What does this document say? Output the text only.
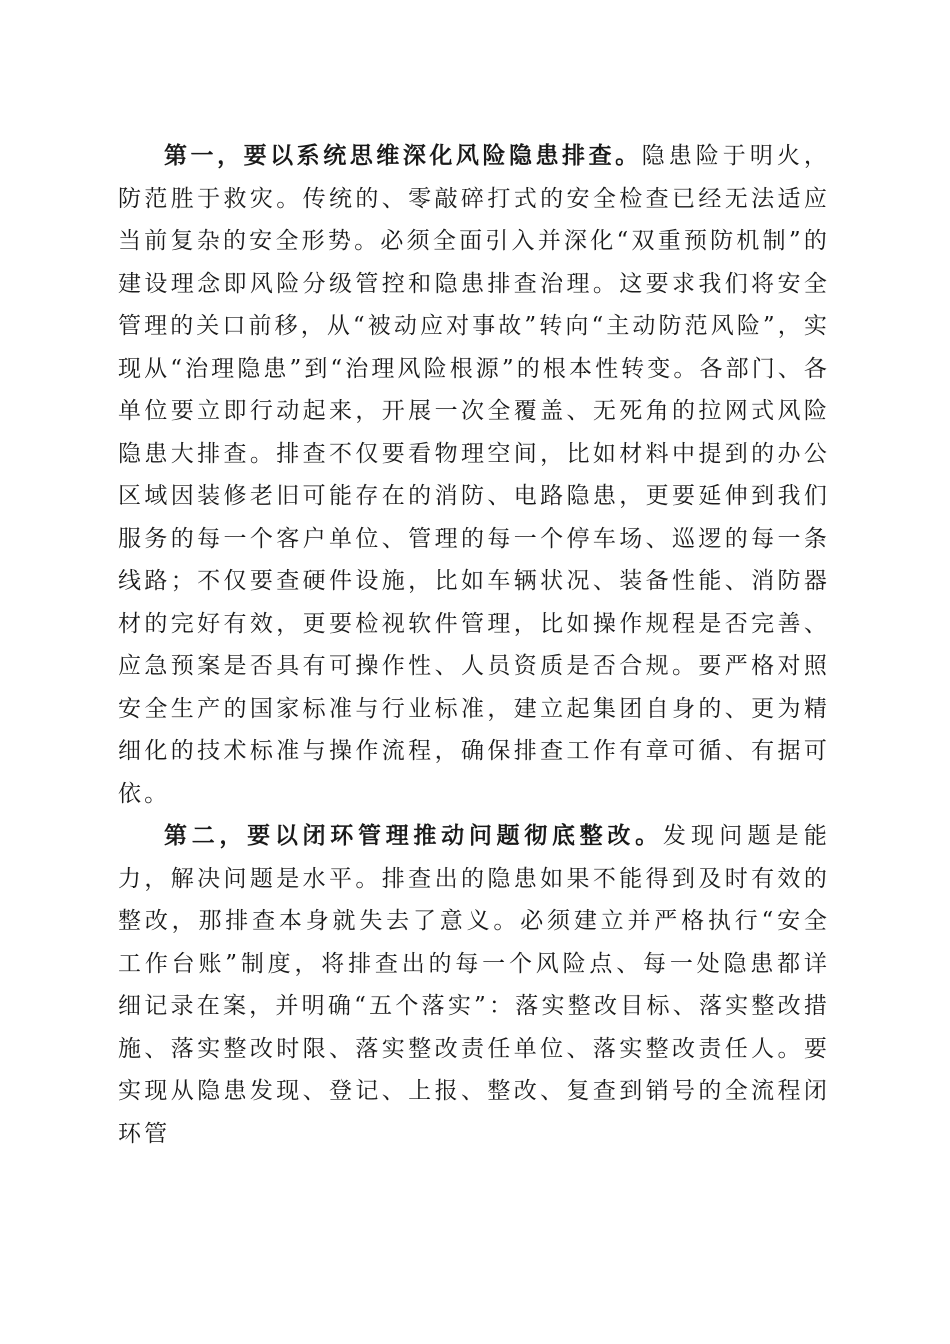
第一，要以系统思维深化风险隐患排查。隐患险于明火，防范胜于救灾。传统的、零敲碎打式的安全检查已经无法适应当前复杂的安全形势。必须全面引入并深化“双重预防机制”的建设理念即风险分级管控和隐患排查治理。这要求我们将安全管理的关口前移，从“被动应对事故”转向“主动防范风险”，实现从“治理隐患”到“治理风险根源”的根本性转变。各部门、各单位要立即行动起来，开展一次全覆盖、无死角的拉网式风险隐患大排查。排查不仅要看物理空间，比如材料中提到的办公区域因装修老旧可能存在的消防、电路隐患，更要延伸到我们服务的每一个客户单位、管理的每一个停车场、巡逻的每一条线路；不仅要查硬件设施，比如车辆状况、装备性能、消防器材的完好有效，更要检视软件管理，比如操作规程是否完善、应急预案是否具有可操作性、人员资质是否合规。要严格对照安全生产的国家标准与行业标准，建立起集团自身的、更为精细化的技术标准与操作流程，确保排查工作有章可循、有据可依。

第二，要以闭环管理推动问题彻底整改。发现问题是能力，解决问题是水平。排查出的隐患如果不能得到及时有效的整改，那排查本身就失去了意义。必须建立并严格执行“安全工作台账”制度，将排查出的每一个风险点、每一处隐患都详细记录在案，并明确“五个落实”：落实整改目标、落实整改措施、落实整改时限、落实整改责任单位、落实整改责任人。要实现从隐患发现、登记、上报、整改、复查到销号的全流程闭环管
